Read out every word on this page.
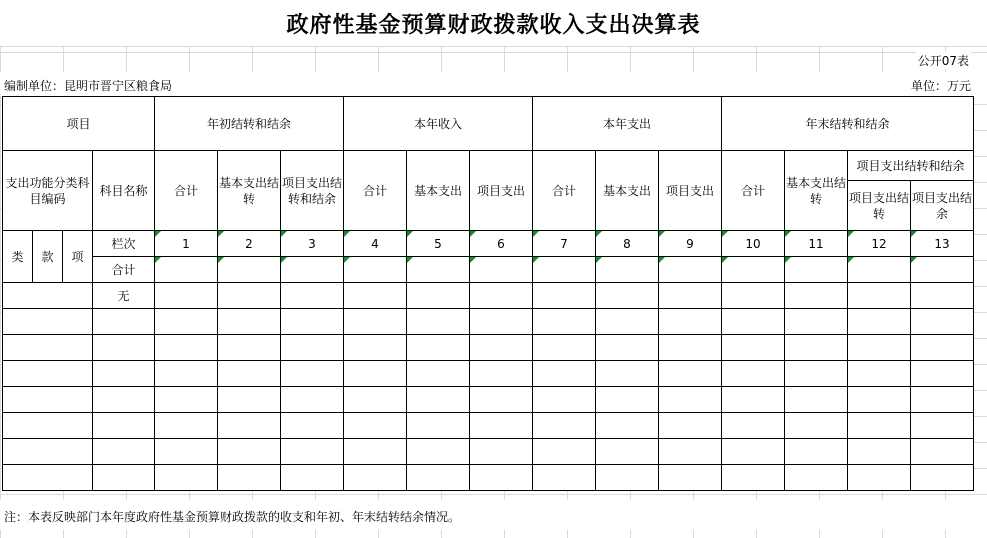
政府性基金预算财政拨款收入支出决算表
公开07表
编制单位：昆明市晋宁区粮食局	单位：万元
项目				年初结转和结余			本年收入			本年支出			年末结转和结余			
支出功能分类科目编码			科目名称	合计	基本支出结转	项目支出结转和结余	合计	基本支出	项目支出	合计	基本支出	项目支出	合计	基本支出结转	项目支出结转和结余	
															项目支出结转	项目支出结余
类	款	项	栏次	1	2	3	4	5	6	7	8	9	10	11	12	13
			合计													
			无													

注：本表反映部门本年度政府性基金预算财政拨款的收支和年初、年末结转结余情况。
